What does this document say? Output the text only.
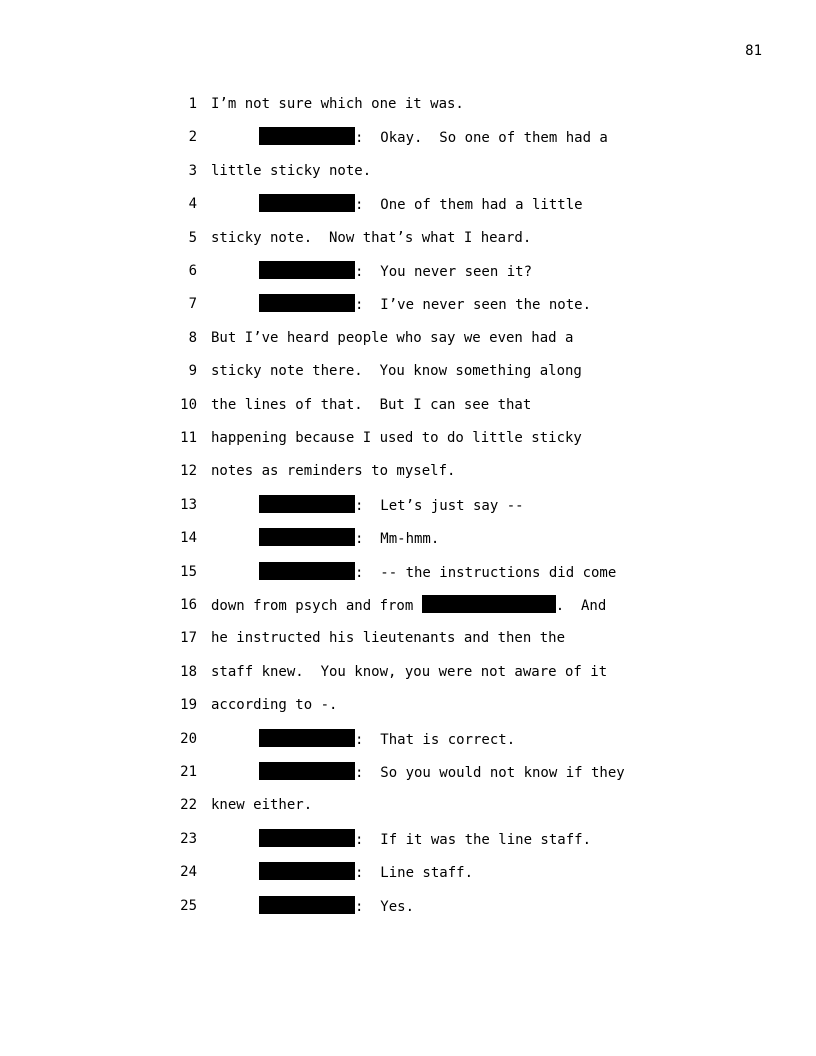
81
1 I’m not sure which one it was.
2	:  Okay.  So one of them had a
3 little sticky note.
4	:  One of them had a little
5 sticky note.  Now that’s what I heard.
6	:  You never seen it?
7	:  I’ve never seen the note.
8 But I’ve heard people who say we even had a
9 sticky note there.  You know something along
10 the lines of that.  But I can see that
11 happening because I used to do little sticky
12 notes as reminders to myself.
13	:  Let’s just say --
14	:  Mm-hmm.
15	:  -- the instructions did come
16 down from psych and from	.  And
17 he instructed his lieutenants and then the
18 staff knew.  You know, you were not aware of it
19 according to -.
20	:  That is correct.
21	:  So you would not know if they
22 knew either.
23	:  If it was the line staff.
24	:  Line staff.
25	:  Yes.
